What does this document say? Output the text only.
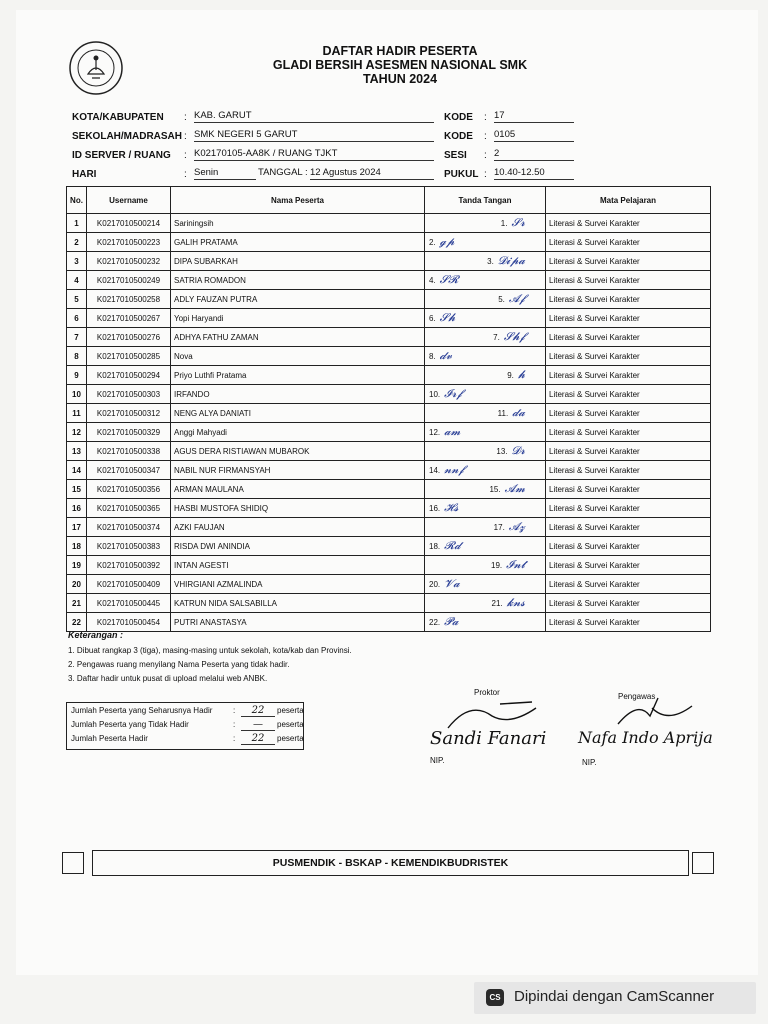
DAFTAR HADIR PESERTA
GLADI BERSIH ASESMEN NASIONAL SMK
TAHUN 2024
KOTA/KABUPATEN : KAB. GARUT
SEKOLAH/MADRASAH : SMK NEGERI 5 GARUT
ID SERVER / RUANG : K02170105-AA8K / RUANG TJKT
HARI	: Senin	TANGGAL : 12 Agustus 2024
KODE : 17
KODE : 0105
SESI : 2
PUKUL : 10.40-12.50
No.	Username	Nama Peserta	Tanda Tangan	Mata Pelajaran
1	K0217010500214	Sariningsih	1. 𝓢𝓻	Literasi & Survei Karakter
2	K0217010500223	GALIH PRATAMA	2. 𝓰𝓹	Literasi & Survei Karakter
3	K0217010500232	DIPA SUBARKAH	3. 𝓓𝓲𝓹𝓪	Literasi & Survei Karakter
4	K0217010500249	SATRIA ROMADON	4. 𝓢𝓡	Literasi & Survei Karakter
5	K0217010500258	ADLY FAUZAN PUTRA	5. 𝓐𝓯	Literasi & Survei Karakter
6	K0217010500267	Yopi Haryandi	6. 𝓢𝓱	Literasi & Survei Karakter
7	K0217010500276	ADHYA FATHU ZAMAN	7. 𝓢𝓱𝓯	Literasi & Survei Karakter
8	K0217010500285	Nova	8. 𝓭𝓿	Literasi & Survei Karakter
9	K0217010500294	Priyo Luthfi Pratama	9. 𝓱	Literasi & Survei Karakter
10	K0217010500303	IRFANDO	10. 𝓘𝓻𝓯	Literasi & Survei Karakter
11	K0217010500312	NENG ALYA DANIATI	11. 𝓭𝓪	Literasi & Survei Karakter
12	K0217010500329	Anggi Mahyadi	12. 𝓪𝓶	Literasi & Survei Karakter
13	K0217010500338	AGUS DERA RISTIAWAN MUBAROK	13. 𝓓𝓻	Literasi & Survei Karakter
14	K0217010500347	NABIL NUR FIRMANSYAH	14. 𝓷𝓷𝓯	Literasi & Survei Karakter
15	K0217010500356	ARMAN MAULANA	15. 𝓐𝓶	Literasi & Survei Karakter
16	K0217010500365	HASBI MUSTOFA SHIDIQ	16. 𝓗𝓼	Literasi & Survei Karakter
17	K0217010500374	AZKI FAUJAN	17. 𝓐𝔃	Literasi & Survei Karakter
18	K0217010500383	RISDA DWI ANINDIA	18. 𝓡𝓭	Literasi & Survei Karakter
19	K0217010500392	INTAN AGESTI	19. 𝓘𝓷𝓽	Literasi & Survei Karakter
20	K0217010500409	VHIRGIANI AZMALINDA	20. 𝓥𝓪	Literasi & Survei Karakter
21	K0217010500445	KATRUN NIDA SALSABILLA	21. 𝓴𝓷𝓼	Literasi & Survei Karakter
22	K0217010500454	PUTRI ANASTASYA	22. 𝓟𝓪	Literasi & Survei Karakter
Keterangan :
1. Dibuat rangkap 3 (tiga), masing-masing untuk sekolah, kota/kab dan Provinsi.
2. Pengawas ruang menyilang Nama Peserta yang tidak hadir.
3. Daftar hadir untuk pusat di upload melalui web ANBK.
Jumlah Peserta yang Seharusnya Hadir	:	22	peserta
Jumlah Peserta yang Tidak Hadir	:	—	peserta
Jumlah Peserta Hadir	:	22	peserta
Proktor
Sandi Fanari
NIP.
Pengawas
Nafa Indo Aprija
NIP.
PUSMENDIK - BSKAP - KEMENDIKBUDRISTEK
CS Dipindai dengan CamScanner
